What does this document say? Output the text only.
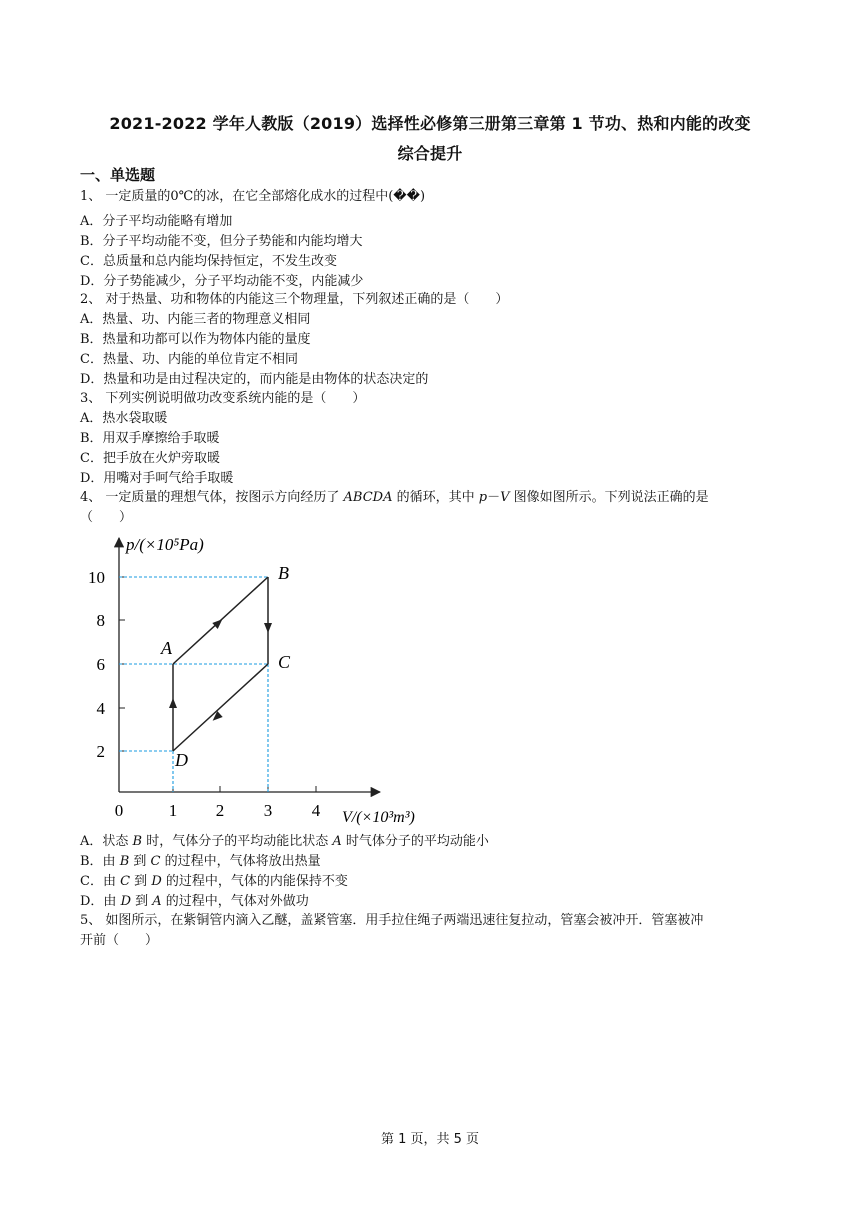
2021-2022 学年人教版（2019）选择性必修第三册第三章第 1 节功、热和内能的改变
综合提升
一、单选题
1、 一定质量的0℃的冰，在它全部熔化成水的过程中(��)
A．分子平均动能略有增加
B．分子平均动能不变，但分子势能和内能均增大
C．总质量和总内能均保持恒定，不发生改变
D．分子势能减少，分子平均动能不变，内能减少
2、 对于热量、功和物体的内能这三个物理量，下列叙述正确的是（　　）
A．热量、功、内能三者的物理意义相同
B．热量和功都可以作为物体内能的量度
C．热量、功、内能的单位肯定不相同
D．热量和功是由过程决定的，而内能是由物体的状态决定的
3、 下列实例说明做功改变系统内能的是（　　）
A．热水袋取暖
B．用双手摩擦给手取暖
C．把手放在火炉旁取暖
D．用嘴对手呵气给手取暖
4、 一定质量的理想气体，按图示方向经历了 ABCDA 的循环，其中 p－V 图像如图所示。下列说法正确的是
（　　）
2
4
6
8
10
0	1 2 3 4
p/(×10⁵Pa)
V/(×10³m³)
A
B
C
D
A．状态 B 时，气体分子的平均动能比状态 A 时气体分子的平均动能小
B．由 B 到 C 的过程中，气体将放出热量
C．由 C 到 D 的过程中，气体的内能保持不变
D．由 D 到 A 的过程中，气体对外做功
5、 如图所示，在紫铜管内滴入乙醚，盖紧管塞．用手拉住绳子两端迅速往复拉动，管塞会被冲开．管塞被冲
开前（　　）
第 1 页，共 5 页
